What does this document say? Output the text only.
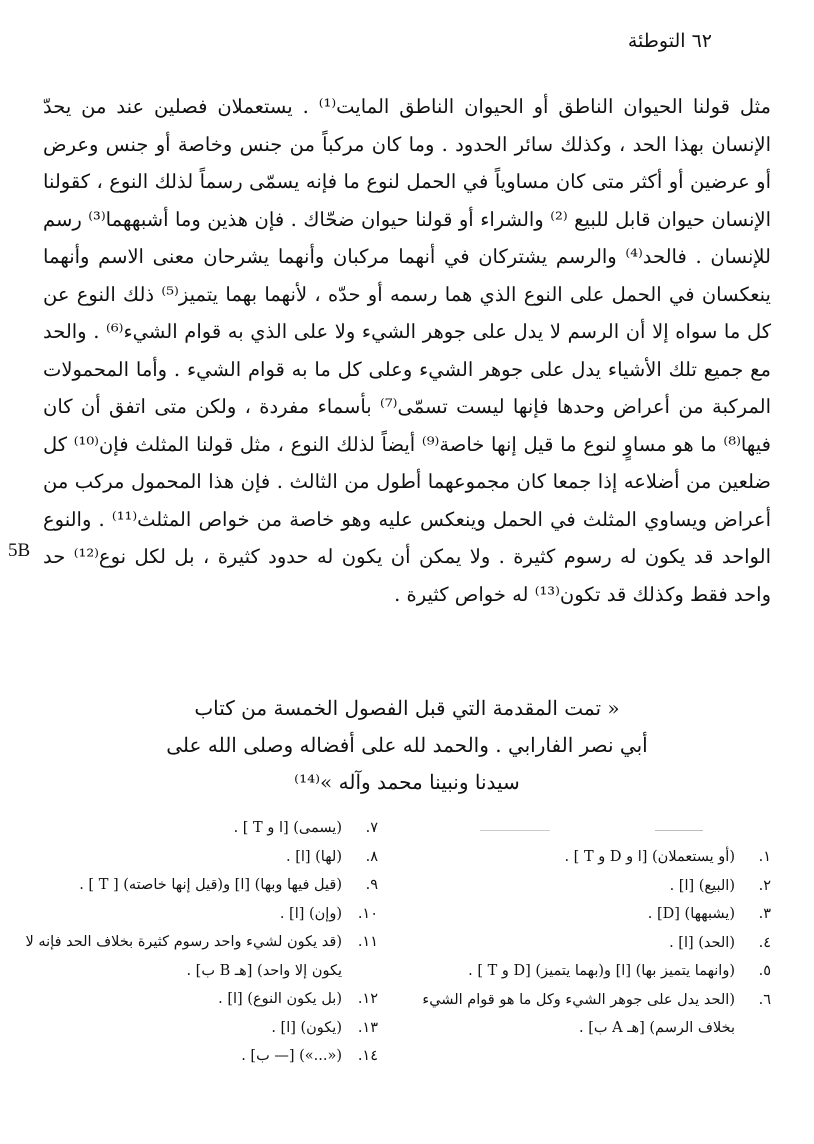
٦٢ التوطئة
5B

مثل قولنا الحيوان الناطق أو الحيوان الناطق المايت⁽¹⁾ . يستعملان فصلين عند من يحدّ الإنسان بهذا الحد ، وكذلك سائر الحدود . وما كان مركباً من جنس وخاصة أو جنس وعرض أو عرضين أو أكثر متى كان مساوياً في الحمل لنوع ما فإنه يسمّى رسماً لذلك النوع ، كقولنا الإنسان حيوان قابل للبيع ⁽²⁾ والشراء أو قولنا حيوان ضحّاك . فإن هذين وما أشبههما⁽³⁾ رسم للإنسان . فالحد⁽⁴⁾ والرسم يشتركان في أنهما مركبان وأنهما يشرحان معنى الاسم وأنهما ينعكسان في الحمل على النوع الذي هما رسمه أو حدّه ، لأنهما بهما يتميز⁽⁵⁾ ذلك النوع عن كل ما سواه إلا أن الرسم لا يدل على جوهر الشيء ولا على الذي به قوام الشيء⁽⁶⁾ . والحد مع جميع تلك الأشياء يدل على جوهر الشيء وعلى كل ما به قوام الشيء . وأما المحمولات المركبة من أعراض وحدها فإنها ليست تسمّى⁽⁷⁾ بأسماء مفردة ، ولكن متى اتفق أن كان فيها⁽⁸⁾ ما هو مساوٍ لنوع ما قيل إنها خاصة⁽⁹⁾ أيضاً لذلك النوع ، مثل قولنا المثلث فإن⁽¹⁰⁾ كل ضلعين من أضلاعه إذا جمعا كان مجموعهما أطول من الثالث . فإن هذا المحمول مركب من أعراض ويساوي المثلث في الحمل وينعكس عليه وهو خاصة من خواص المثلث⁽¹¹⁾ . والنوع الواحد قد يكون له رسوم كثيرة . ولا يمكن أن يكون له حدود كثيرة ، بل لكل نوع⁽¹²⁾ حد واحد فقط وكذلك قد تكون⁽¹³⁾ له خواص كثيرة .

« تمت المقدمة التي قبل الفصول الخمسة من كتاب

أبي نصر الفارابي . والحمد لله على أفضاله وصلى الله على

سيدنا ونبينا محمد وآله »⁽¹⁴⁾

١.
(أو يستعملان) [ا و D و T ] .
٢.
(البيع) [ا] .
٣.
(يشبهها) [D] .
٤.
(الحد) [ا] .
٥.
(وانهما يتميز بها) [ا] و(بهما يتميز) [D و T ] .
٦.
(الحد يدل على جوهر الشيء وكل ما هو قوام الشيء بخلاف الرسم) [هـ A ب] .
٧.
(يسمى) [ا و T ] .
٨.
(لها) [ا] .
٩.
(قيل فيها وبها) [ا] و(قيل إنها خاصته) [ T ] .
١٠.
(وإن) [ا] .
١١.
(قد يكون لشيء واحد رسوم كثيرة بخلاف الحد فإنه لا يكون إلا واحد) [هـ B ب] .
١٢.
(بل يكون النوع) [ا] .
١٣.
(يكون) [ا] .
١٤.
(«...») [— ب] .
